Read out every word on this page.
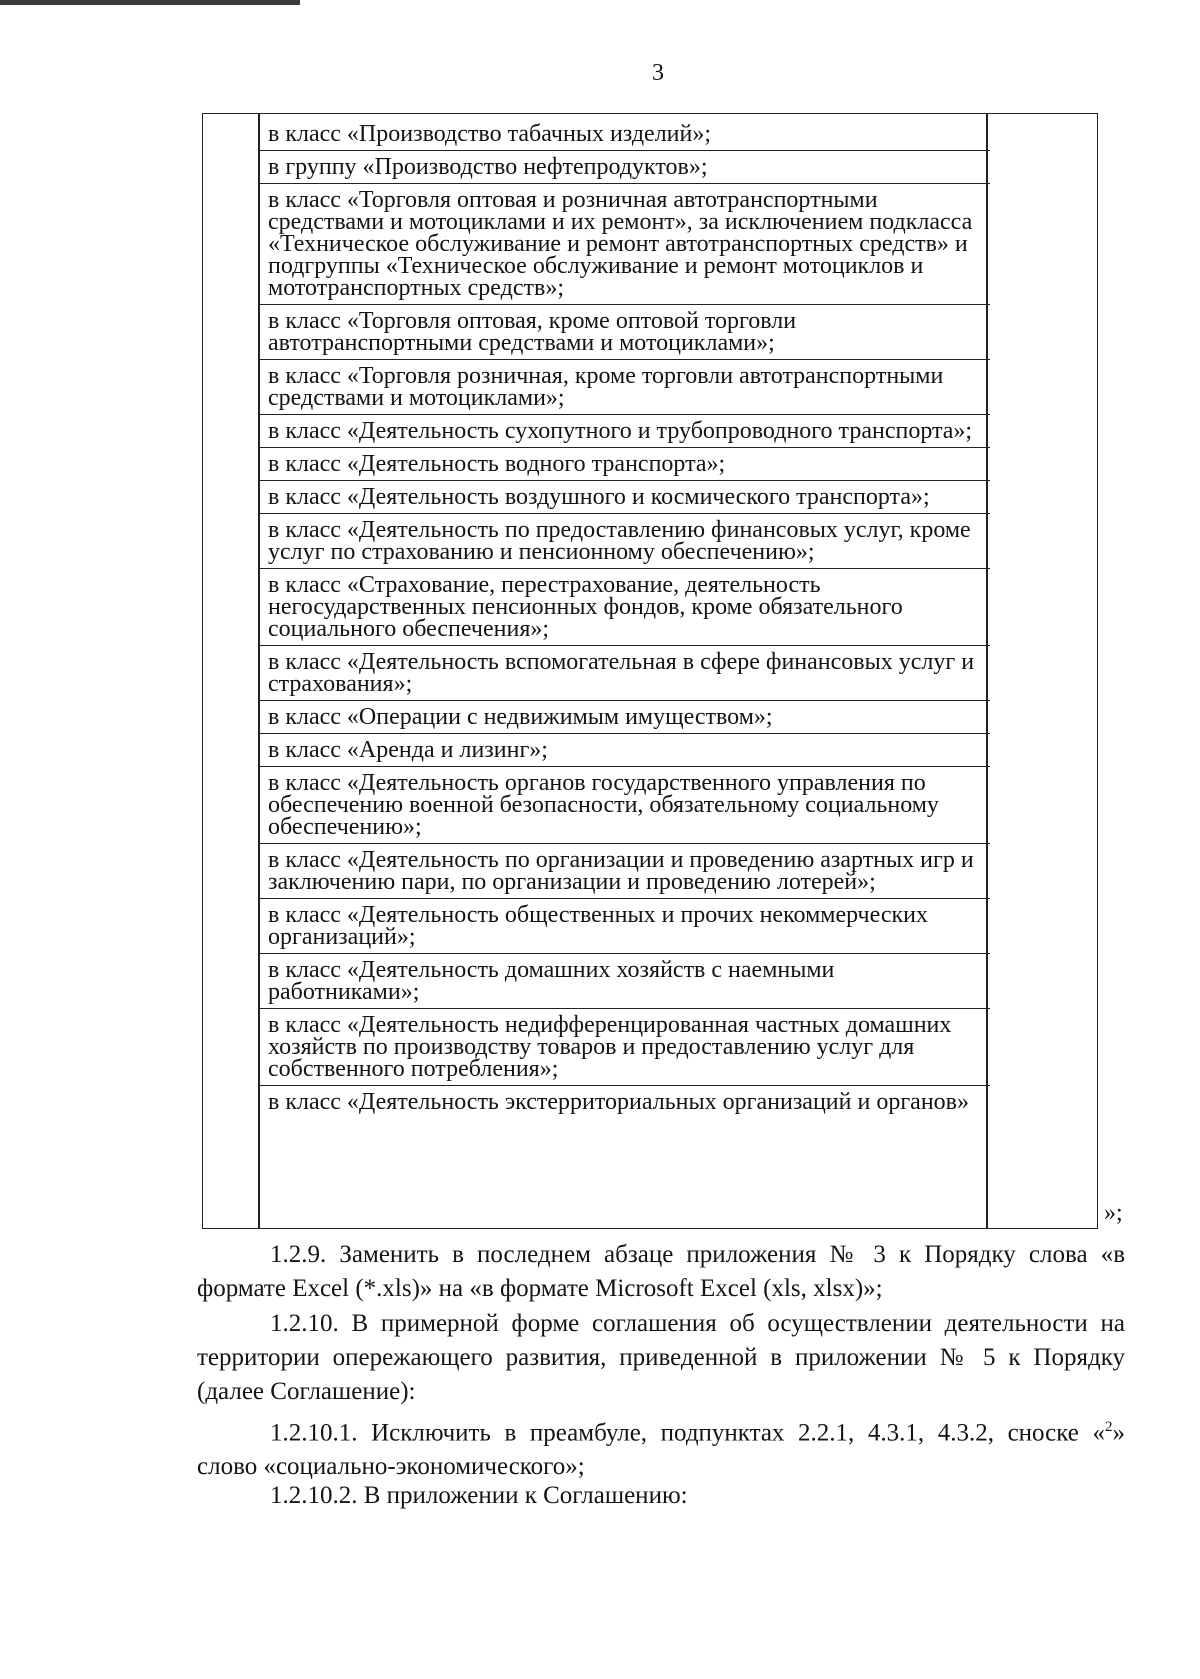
3

в класс «Производство табачных изделий»;

в группу «Производство нефтепродуктов»;

в класс «Торговля оптовая и розничная автотранспортными средствами и мотоциклами и их ремонт», за исключением подкласса «Техническое обслуживание и ремонт автотранспортных средств» и подгруппы «Техническое обслуживание и ремонт мотоциклов и мототранспортных средств»;

в класс «Торговля оптовая, кроме оптовой торговли автотранспортными средствами и мотоциклами»;

в класс «Торговля розничная, кроме торговли автотранспортными средствами и мотоциклами»;

в класс «Деятельность сухопутного и трубопроводного транспорта»;

в класс «Деятельность водного транспорта»;

в класс «Деятельность воздушного и космического транспорта»;

в класс «Деятельность по предоставлению финансовых услуг, кроме услуг по страхованию и пенсионному обеспечению»;

в класс «Страхование, перестрахование, деятельность негосударственных пенсионных фондов, кроме обязательного социального обеспечения»;

в класс «Деятельность вспомогательная в сфере финансовых услуг и страхования»;

в класс «Операции с недвижимым имуществом»;

в класс «Аренда и лизинг»;

в класс «Деятельность органов государственного управления по обеспечению военной безопасности, обязательному социальному обеспечению»;

в класс «Деятельность по организации и проведению азартных игр и заключению пари, по организации и проведению лотерей»;

в класс «Деятельность общественных и прочих некоммерческих организаций»;

в класс «Деятельность домашних хозяйств с наемными работниками»;

в класс «Деятельность недифференцированная частных домашних хозяйств по производству товаров и предоставлению услуг для собственного потребления»;

в класс «Деятельность экстерриториальных организаций и органов»

»;

1.2.9. Заменить в последнем абзаце приложения № 3 к Порядку слова «в формате Excel (*.xls)» на «в формате Microsoft Excel (xls, xlsx)»;

1.2.10. В примерной форме соглашения об осуществлении деятельности на территории опережающего развития, приведенной в приложении № 5 к Порядку (далее Соглашение):

1.2.10.1. Исключить в преамбуле, подпунктах 2.2.1, 4.3.1, 4.3.2, сноске «$^2$» слово «социально-экономического»;

1.2.10.2. В приложении к Соглашению:
